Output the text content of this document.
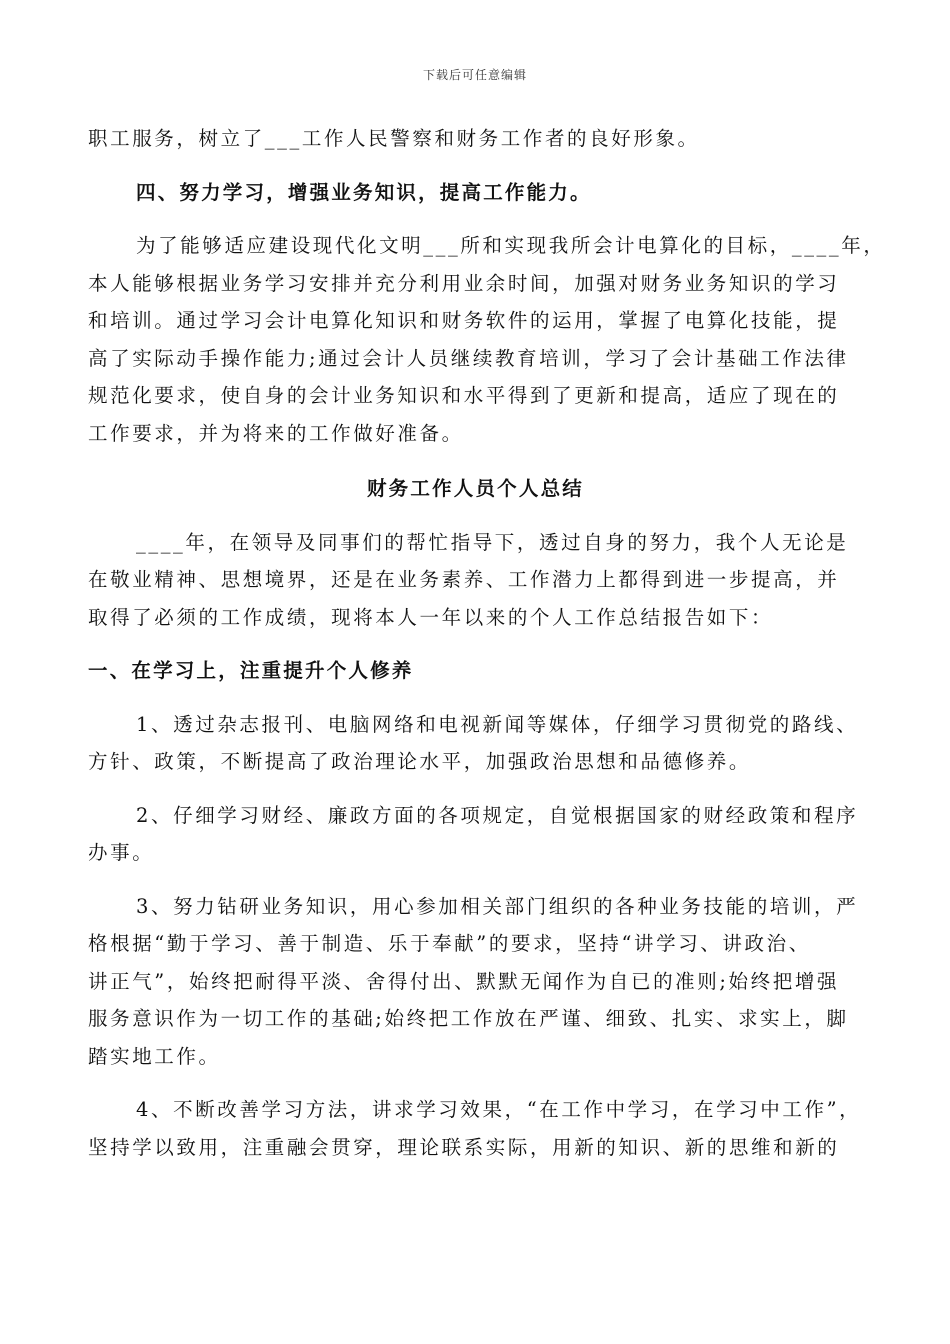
下载后可任意编辑
职工服务，树立了___工作人民警察和财务工作者的良好形象。
四、努力学习，增强业务知识，提高工作能力。
为了能够适应建设现代化文明___所和实现我所会计电算化的目标，____年，
本人能够根据业务学习安排并充分利用业余时间，加强对财务业务知识的学习
和培训。通过学习会计电算化知识和财务软件的运用，掌握了电算化技能，提
高了实际动手操作能力;通过会计人员继续教育培训，学习了会计基础工作法律
规范化要求，使自身的会计业务知识和水平得到了更新和提高，适应了现在的
工作要求，并为将来的工作做好准备。
财务工作人员个人总结
____年，在领导及同事们的帮忙指导下，透过自身的努力，我个人无论是
在敬业精神、思想境界，还是在业务素养、工作潜力上都得到进一步提高，并
取得了必须的工作成绩，现将本人一年以来的个人工作总结报告如下：
一、在学习上，注重提升个人修养
1、透过杂志报刊、电脑网络和电视新闻等媒体，仔细学习贯彻党的路线、
方针、政策，不断提高了政治理论水平，加强政治思想和品德修养。
2、仔细学习财经、廉政方面的各项规定，自觉根据国家的财经政策和程序
办事。
3、努力钻研业务知识，用心参加相关部门组织的各种业务技能的培训，严
格根据“勤于学习、善于制造、乐于奉献”的要求，坚持“讲学习、讲政治、
讲正气”，始终把耐得平淡、舍得付出、默默无闻作为自已的准则;始终把增强
服务意识作为一切工作的基础;始终把工作放在严谨、细致、扎实、求实上，脚
踏实地工作。
4、不断改善学习方法，讲求学习效果，“在工作中学习，在学习中工作”，
坚持学以致用，注重融会贯穿，理论联系实际，用新的知识、新的思维和新的
